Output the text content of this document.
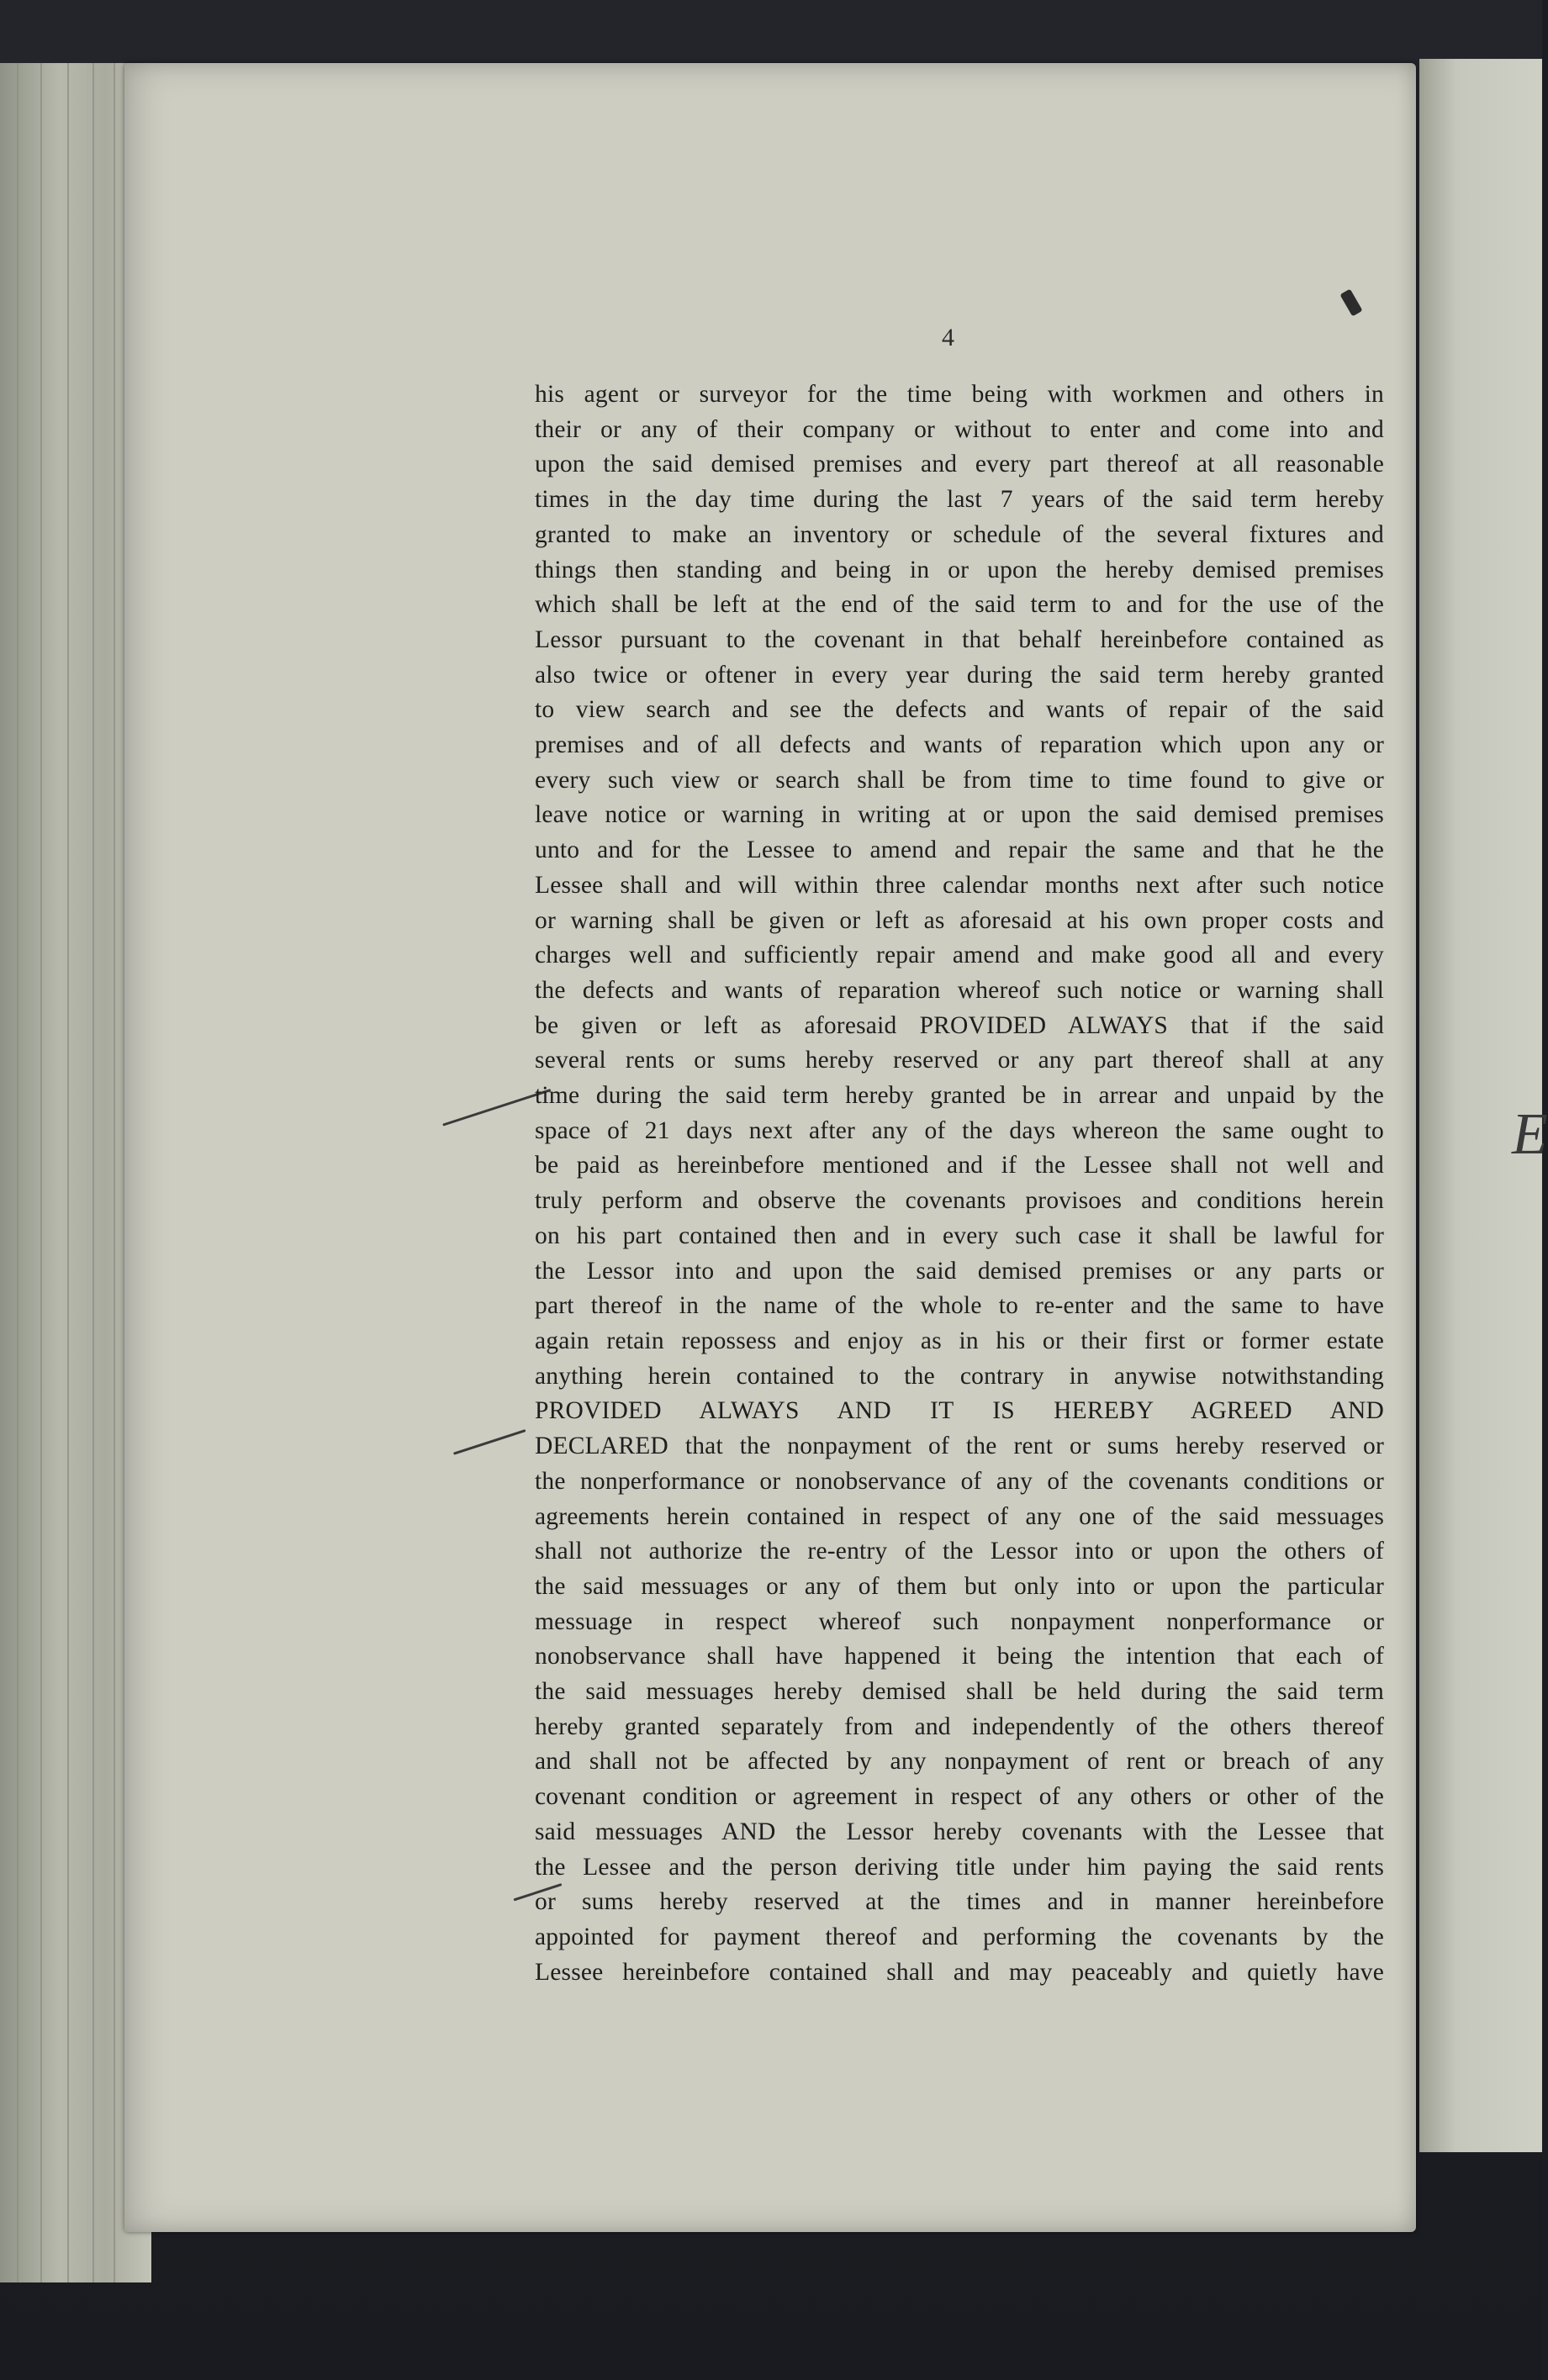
E
4
his agent or surveyor for the time being with workmen and others in
their or any of their company or without to enter and come into and
upon the said demised premises and every part thereof at all reasonable
times in the day time during the last 7 years of the said term hereby
granted to make an inventory or schedule of the several fixtures and
things then standing and being in or upon the hereby demised premises
which shall be left at the end of the said term to and for the use of the
Lessor pursuant to the covenant in that behalf hereinbefore contained as
also twice or oftener in every year during the said term hereby granted
to view search and see the defects and wants of repair of the said
premises and of all defects and wants of reparation which upon any or
every such view or search shall be from time to time found to give or
leave notice or warning in writing at or upon the said demised premises
unto and for the Lessee to amend and repair the same and that he the
Lessee shall and will within three calendar months next after such notice
or warning shall be given or left as aforesaid at his own proper costs and
charges well and sufficiently repair amend and make good all and every
the defects and wants of reparation whereof such notice or warning shall
be given or left as aforesaid PROVIDED ALWAYS that if the said
several rents or sums hereby reserved or any part thereof shall at any
time during the said term hereby granted be in arrear and unpaid by the
space of 21 days next after any of the days whereon the same ought to
be paid as hereinbefore mentioned and if the Lessee shall not well and
truly perform and observe the covenants provisoes and conditions herein
on his part contained then and in every such case it shall be lawful for
the Lessor into and upon the said demised premises or any parts or
part thereof in the name of the whole to re-enter and the same to have
again retain repossess and enjoy as in his or their first or former estate
anything herein contained to the contrary in anywise notwithstanding
PROVIDED ALWAYS AND IT IS HEREBY AGREED AND
DECLARED that the nonpayment of the rent or sums hereby reserved or
the nonperformance or nonobservance of any of the covenants conditions or
agreements herein contained in respect of any one of the said messuages
shall not authorize the re-entry of the Lessor into or upon the others of
the said messuages or any of them but only into or upon the particular
messuage in respect whereof such nonpayment nonperformance or
nonobservance shall have happened it being the intention that each of
the said messuages hereby demised shall be held during the said term
hereby granted separately from and independently of the others thereof
and shall not be affected by any nonpayment of rent or breach of any
covenant condition or agreement in respect of any others or other of the
said messuages AND the Lessor hereby covenants with the Lessee that
the Lessee and the person deriving title under him paying the said rents
or sums hereby reserved at the times and in manner hereinbefore
appointed for payment thereof and performing the covenants by the
Lessee hereinbefore contained shall and may peaceably and quietly have
